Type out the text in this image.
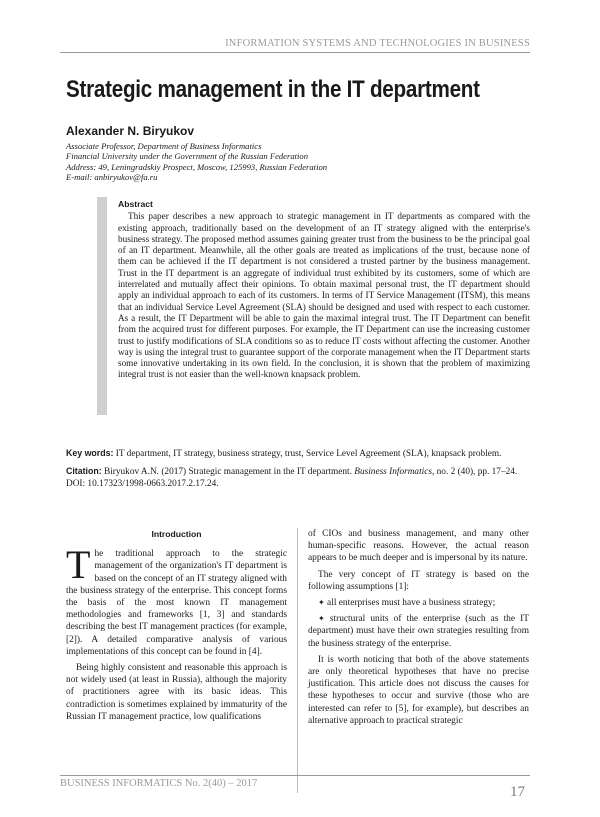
INFORMATION SYSTEMS AND TECHNOLOGIES IN BUSINESS
Strategic management in the IT department
Alexander N. Biryukov
Associate Professor, Department of Business Informatics
Financial University under the Government of the Russian Federation
Address: 49, Leningradskiy Prospect, Moscow, 125993, Russian Federation
E-mail: anbiryukov@fa.ru
Abstract

This paper describes a new approach to strategic management in IT departments as compared with the existing approach, traditionally based on the development of an IT strategy aligned with the enterprise's business strategy. The proposed method assumes gaining greater trust from the business to be the principal goal of an IT department. Meanwhile, all the other goals are treated as implications of the trust, because none of them can be achieved if the IT department is not considered a trusted partner by the business management. Trust in the IT department is an aggregate of individual trust exhibited by its customers, some of which are interrelated and mutually affect their opinions. To obtain maximal personal trust, the IT department should apply an individual approach to each of its customers. In terms of IT Service Management (ITSM), this means that an individual Service Level Agreement (SLA) should be designed and used with respect to each customer. As a result, the IT Department will be able to gain the maximal integral trust. The IT Department can benefit from the acquired trust for different purposes. For example, the IT Department can use the increasing customer trust to justify modifications of SLA conditions so as to reduce IT costs without affecting the customer. Another way is using the integral trust to guarantee support of the corporate management when the IT Department starts some innovative undertaking in its own field. In the conclusion, it is shown that the problem of maximizing integral trust is not easier than the well-known knapsack problem.

Key words: IT department, IT strategy, business strategy, trust, Service Level Agreement (SLA), knapsack problem.
Citation: Biryukov A.N. (2017) Strategic management in the IT department. Business Informatics, no. 2 (40), pp. 17–24. DOI: 10.17323/1998-0663.2017.2.17.24.
Introduction

The traditional approach to the strategic management of the organization's IT department is based on the concept of an IT strategy aligned with the business strategy of the enterprise. This concept forms the basis of the most known IT management methodologies and frameworks [1, 3] and standards describing the best IT management practices (for example, [2]). A detailed comparative analysis of various implementations of this concept can be found in [4].

Being highly consistent and reasonable this approach is not widely used (at least in Russia), although the majority of practitioners agree with its basic ideas. This contradiction is sometimes explained by immaturity of the Russian IT management practice, low qualifications

of CIOs and business management, and many other human-specific reasons. However, the actual reason appears to be much deeper and is impersonal by its nature.

The very concept of IT strategy is based on the following assumptions [1]:

✦ all enterprises must have a business strategy;

✦ structural units of the enterprise (such as the IT department) must have their own strategies resulting from the business strategy of the enterprise.

It is worth noticing that both of the above statements are only theoretical hypotheses that have no precise justification. This article does not discuss the causes for these hypotheses to occur and survive (those who are interested can refer to [5], for example), but describes an alternative approach to practical strategic

BUSINESS INFORMATICS No. 2(40) – 2017
17
